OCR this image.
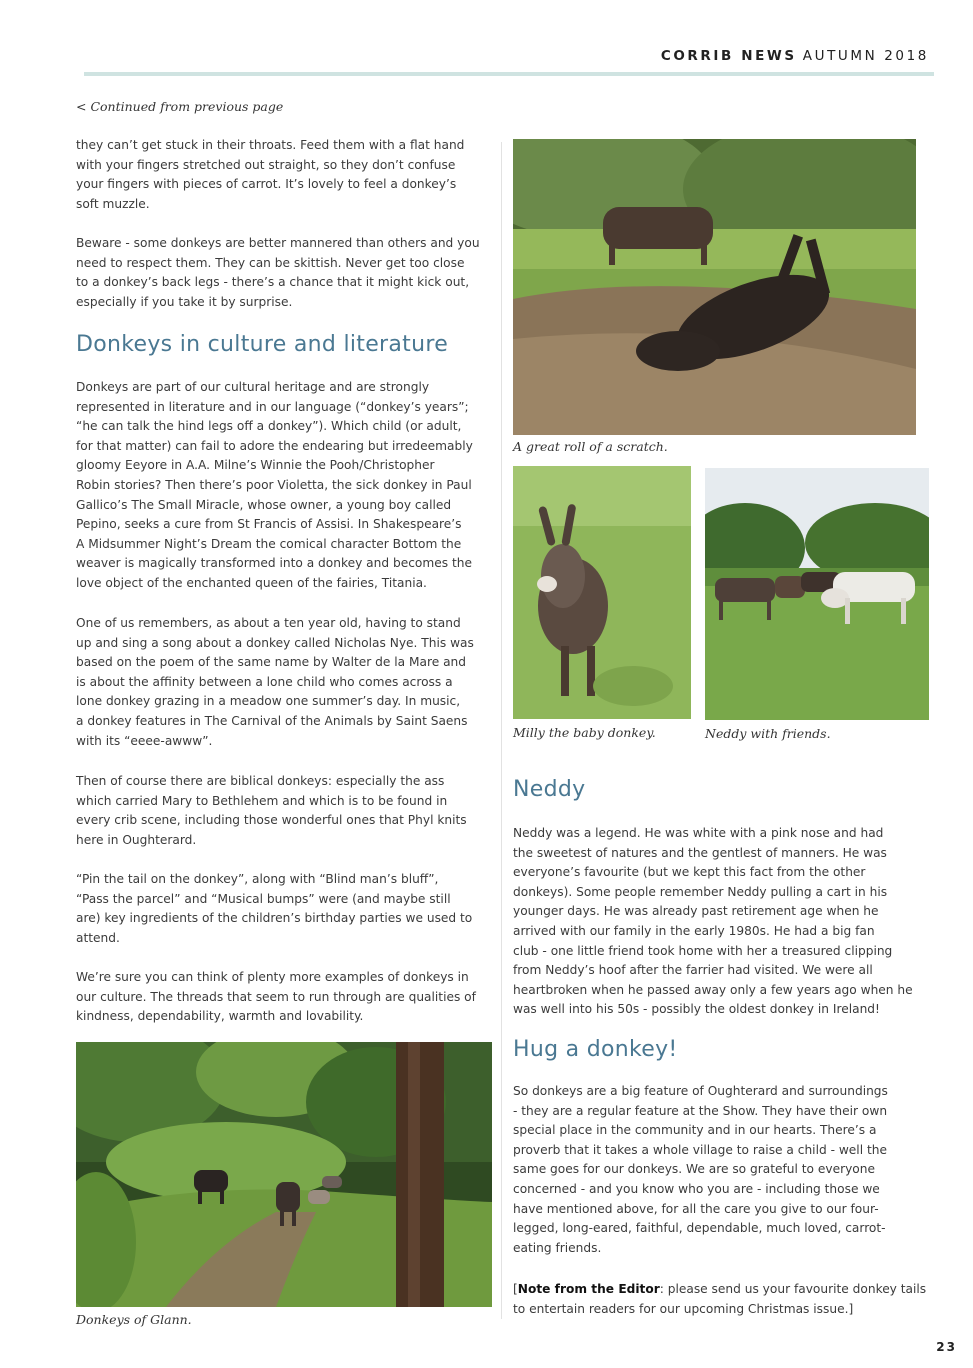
CORRIB NEWS AUTUMN 2018
< Continued from previous page

they can’t get stuck in their throats. Feed them with a flat hand
with your fingers stretched out straight, so they don’t confuse
your fingers with pieces of carrot. It’s lovely to feel a donkey’s
soft muzzle.

Beware - some donkeys are better mannered than others and you
need to respect them. They can be skittish. Never get too close
to a donkey’s back legs - there’s a chance that it might kick out,
especially if you take it by surprise.

Donkeys in culture and literature

Donkeys are part of our cultural heritage and are strongly
represented in literature and in our language (“donkey’s years”;
“he can talk the hind legs off a donkey”). Which child (or adult,
for that matter) can fail to adore the endearing but irredeemably
gloomy Eeyore in A.A. Milne’s Winnie the Pooh/Christopher
Robin stories? Then there’s poor Violetta, the sick donkey in Paul
Gallico’s The Small Miracle, whose owner, a young boy called
Pepino, seeks a cure from St Francis of Assisi. In Shakespeare’s
A Midsummer Night’s Dream the comical character Bottom the
weaver is magically transformed into a donkey and becomes the
love object of the enchanted queen of the fairies, Titania.

One of us remembers, as about a ten year old, having to stand
up and sing a song about a donkey called Nicholas Nye. This was
based on the poem of the same name by Walter de la Mare and
is about the affinity between a lone child who comes across a
lone donkey grazing in a meadow one summer’s day. In music,
a donkey features in The Carnival of the Animals by Saint Saens
with its “eeee-awww”.

Then of course there are biblical donkeys: especially the ass
which carried Mary to Bethlehem and which is to be found in
every crib scene, including those wonderful ones that Phyl knits
here in Oughterard.

“Pin the tail on the donkey”, along with “Blind man’s bluff”,
“Pass the parcel” and “Musical bumps” were (and maybe still
are) key ingredients of the children’s birthday parties we used to
attend.

We’re sure you can think of plenty more examples of donkeys in
our culture. The threads that seem to run through are qualities of
kindness, dependability, warmth and lovability.

Donkeys of Glann.
A great roll of a scratch.
Milly the baby donkey.	Neddy with friends.
Neddy

Neddy was a legend. He was white with a pink nose and had
the sweetest of natures and the gentlest of manners. He was
everyone’s favourite (but we kept this fact from the other
donkeys). Some people remember Neddy pulling a cart in his
younger days. He was already past retirement age when he
arrived with our family in the early 1980s. He had a big fan
club - one little friend took home with her a treasured clipping
from Neddy’s hoof after the farrier had visited. We were all
heartbroken when he passed away only a few years ago when he
was well into his 50s - possibly the oldest donkey in Ireland!

Hug a donkey!

So donkeys are a big feature of Oughterard and surroundings
- they are a regular feature at the Show. They have their own
special place in the community and in our hearts. There’s a
proverb that it takes a whole village to raise a child - well the
same goes for our donkeys. We are so grateful to everyone
concerned - and you know who you are - including those we
have mentioned above, for all the care you give to our four-
legged, long-eared, faithful, dependable, much loved, carrot-
eating friends.

[Note from the Editor: please send us your favourite donkey tails
to entertain readers for our upcoming Christmas issue.]

23
